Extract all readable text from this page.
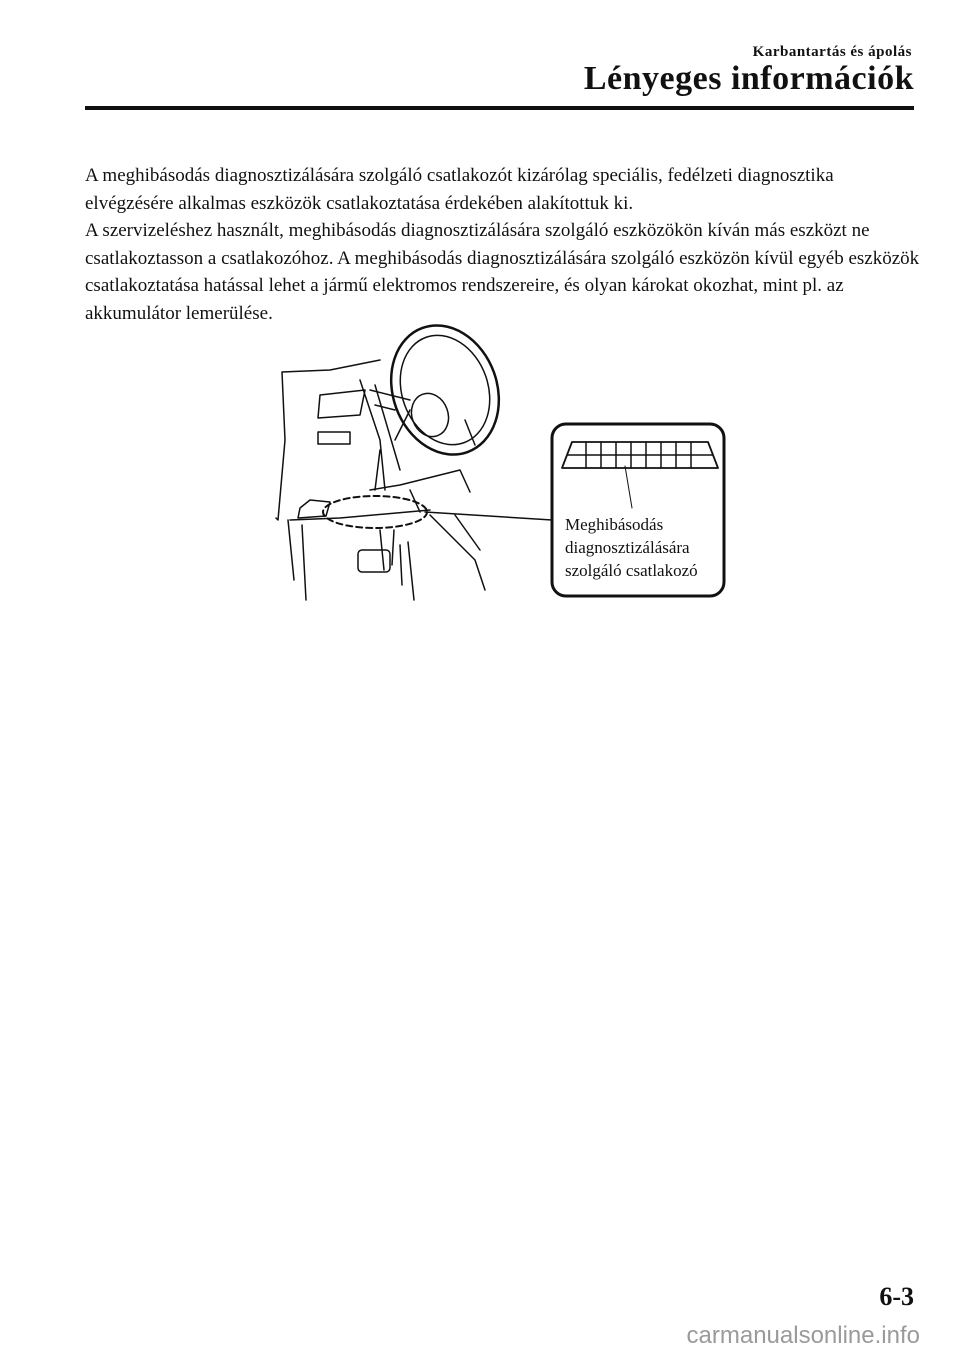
Karbantartás és ápolás
Lényeges információk

A meghibásodás diagnosztizálására szolgáló csatlakozót kizárólag speciális, fedélzeti diagnosztika elvégzésére alkalmas eszközök csatlakoztatása érdekében alakítottuk ki.

A szervizeléshez használt, meghibásodás diagnosztizálására szolgáló eszközökön kíván más eszközt ne csatlakoztasson a csatlakozóhoz. A meghibásodás diagnosztizálására szolgáló eszközön kívül egyéb eszközök csatlakoztatása hatással lehet a jármű elektromos rendszereire, és olyan károkat okozhat, mint pl. az akkumulátor lemerülése.

Meghibásodás
diagnosztizálására
szolgáló csatlakozó
6-3
carmanualsonline.info
